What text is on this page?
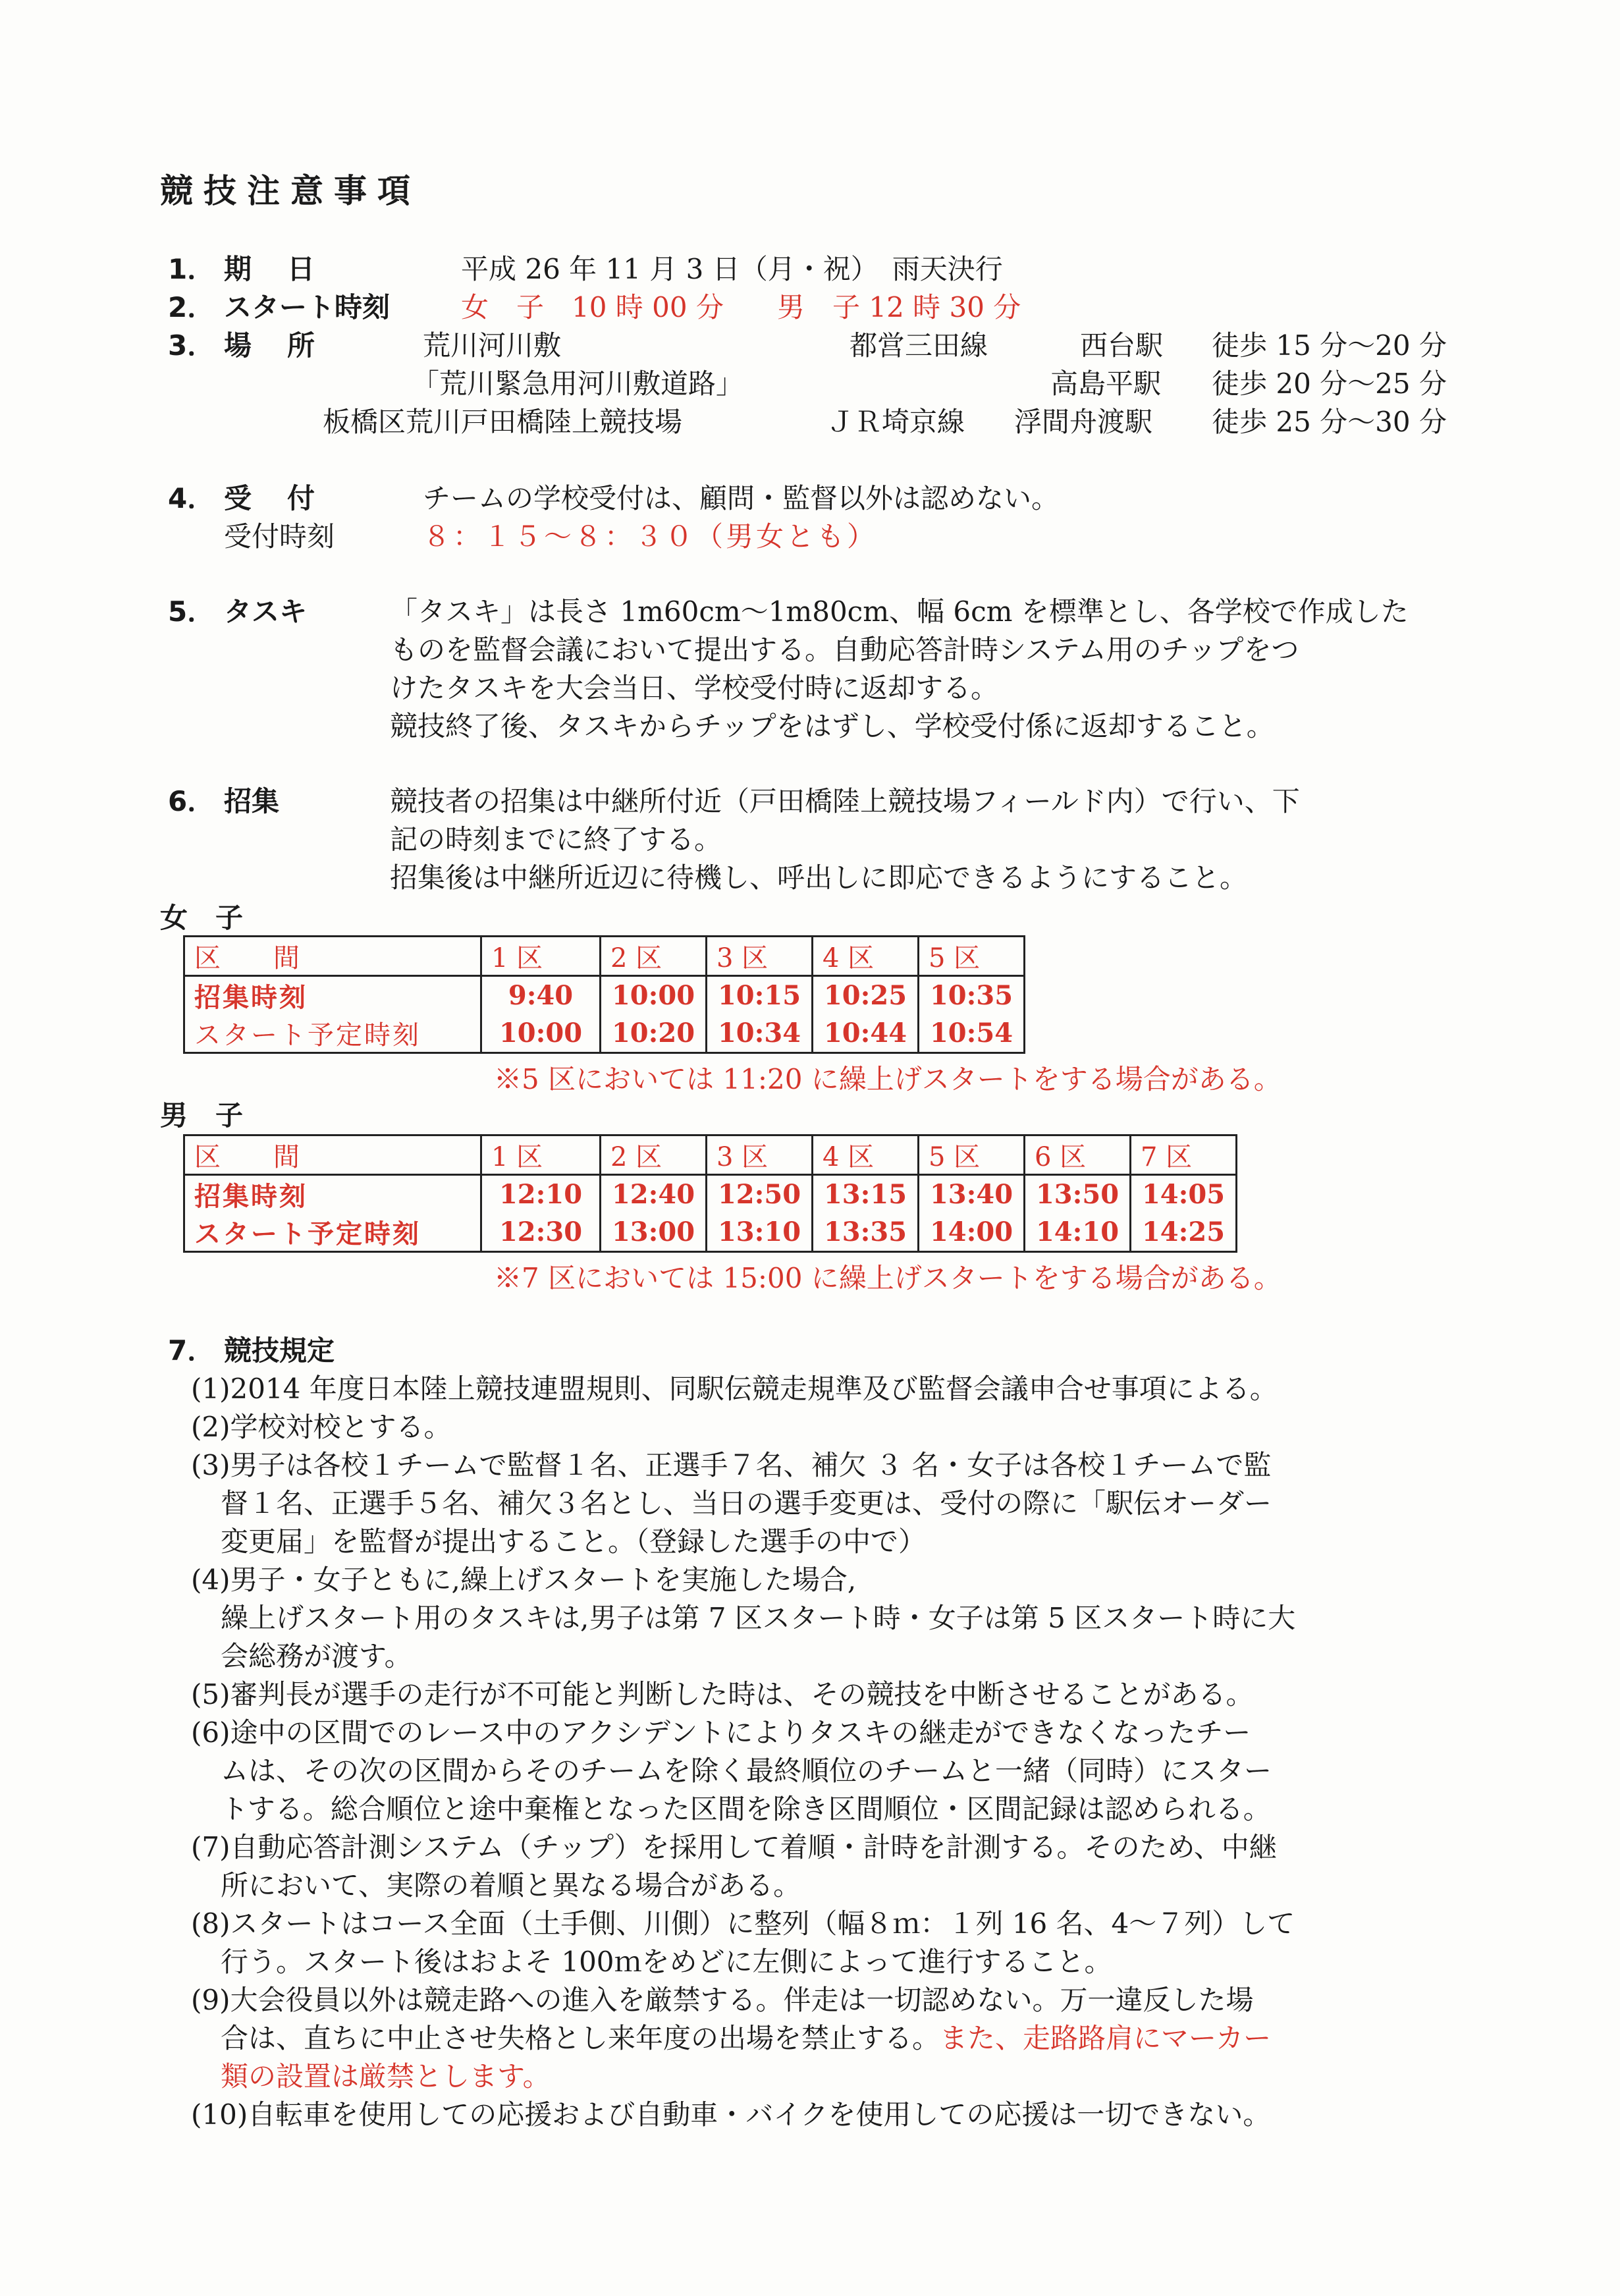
競技注意事項
1． 期　日	平成 26 年 11 月 3 日（月・祝）　雨天決行
2． スタート時刻	女　子　10 時 00 分 男　子 12 時 30 分
3． 場　所	荒川河川敷	都営三田線	西台駅 徒歩 15 分～20 分
「荒川緊急用河川敷道路」	高島平駅 徒歩 20 分～25 分
板橋区荒川戸田橋陸上競技場	ＪＲ埼京線 浮間舟渡駅 徒歩 25 分～30 分
4． 受　付	チームの学校受付は、顧問・監督以外は認めない。
受付時刻	８：１５～８：３０（男女とも）
5． タスキ	「タスキ」は長さ 1m60cm～1m80cm、幅 6cm を標準とし、各学校で作成した
ものを監督会議において提出する。自動応答計時システム用のチップをつ
けたタスキを大会当日、学校受付時に返却する。
競技終了後、タスキからチップをはずし、学校受付係に返却すること。
6． 招集	競技者の招集は中継所付近（戸田橋陸上競技場フィールド内）で行い、下
記の時刻までに終了する。
招集後は中継所近辺に待機し、呼出しに即応できるようにすること。
女　子
区　　間	1 区	2 区	3 区	4 区	5 区
招集時刻	9:40	10:00	10:15	10:25	10:35
スタート予定時刻	10:00	10:20	10:34	10:44	10:54
※5 区においては 11:20 に繰上げスタートをする場合がある。
男　子
区　　間	1 区	2 区	3 区	4 区	5 区	6 区	7 区
招集時刻	12:10	12:40	12:50	13:15	13:40	13:50	14:05
スタート予定時刻	12:30	13:00	13:10	13:35	14:00	14:10	14:25
※7 区においては 15:00 に繰上げスタートをする場合がある。
7． 競技規定
(1)2014 年度日本陸上競技連盟規則、同駅伝競走規準及び監督会議申合せ事項による。
(2)学校対校とする。
(3)男子は各校１チームで監督１名、正選手７名、補欠 ３ 名・女子は各校１チームで監
督１名、正選手５名、補欠３名とし、当日の選手変更は、受付の際に「駅伝オーダー
変更届」を監督が提出すること。（登録した選手の中で）
(4)男子・女子ともに,繰上げスタートを実施した場合,
繰上げスタート用のタスキは,男子は第 7 区スタート時・女子は第 5 区スタート時に大
会総務が渡す。
(5)審判長が選手の走行が不可能と判断した時は、その競技を中断させることがある。
(6)途中の区間でのレース中のアクシデントによりタスキの継走ができなくなったチー
ムは、その次の区間からそのチームを除く最終順位のチームと一緒（同時）にスター
トする。総合順位と途中棄権となった区間を除き区間順位・区間記録は認められる。
(7)自動応答計測システム（チップ）を採用して着順・計時を計測する。そのため、中継
所において、実際の着順と異なる場合がある。
(8)スタートはコース全面（土手側、川側）に整列（幅８ｍ：１列 16 名、4～７列）して
行う。スタート後はおよそ 100ｍをめどに左側によって進行すること。
(9)大会役員以外は競走路への進入を厳禁する。伴走は一切認めない。万一違反した場
合は、直ちに中止させ失格とし来年度の出場を禁止する。また、走路路肩にマーカー
類の設置は厳禁とします。
(10)自転車を使用しての応援および自動車・バイクを使用しての応援は一切できない。
